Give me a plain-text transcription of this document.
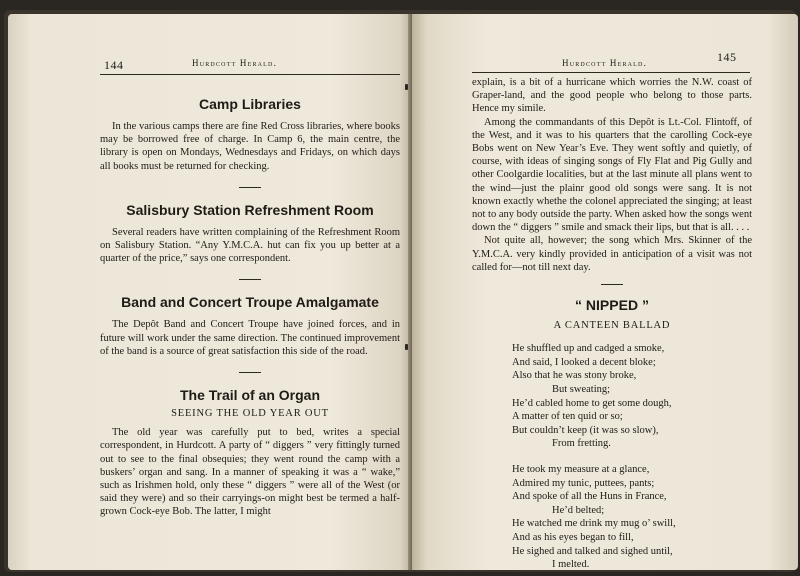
144	Hurdcott Herald.
Camp Libraries

In the various camps there are fine Red Cross libraries, where books may be borrowed free of charge. In Camp 6, the main centre, the library is open on Mondays, Wednesdays and Fridays, on which days all books must be returned for checking.

Salisbury Station Refreshment Room

Several readers have written complaining of the Refreshment Room on Salisbury Station. “Any Y.M.C.A. hut can fix you up better at a quarter of the price,” says one correspondent.

Band and Concert Troupe Amalgamate

The Depôt Band and Concert Troupe have joined forces, and in future will work under the same direction. The continued improvement of the band is a source of great satisfaction this side of the road.

The Trail of an Organ
SEEING THE OLD YEAR OUT

The old year was carefully put to bed, writes a special correspondent, in Hurdcott. A party of “ diggers ” very fittingly turned out to see to the final obsequies; they went round the camp with a buskers’ organ and sang. In a manner of speaking it was a “ wake,” such as Irishmen hold, only these “ diggers ” were all of the West (or said they were) and so their carryings-on might best be termed a half-grown Cock-eye Bob. The latter, I might

Hurdcott Herald.	145

explain, is a bit of a hurricane which worries the N.W. coast of Graper-land, and the good people who belong to those parts. Hence my simile.

Among the commandants of this Depôt is Lt.-Col. Flintoff, of the West, and it was to his quarters that the carolling Cock-eye Bobs went on New Year’s Eve. They went softly and quietly, of course, with ideas of singing songs of Fly Flat and Pig Gully and other Coolgardie localities, but at the last minute all plans went to the wind—just the plainr good old songs were sang. It is not known exactly whethe the colonel appreciated the singing; at least not to any body outside the party. When asked how the songs went down the “ diggers ” smile and smack their lips, but that is all. . . .

Not quite all, however; the song which Mrs. Skinner of the Y.M.C.A. very kindly provided in anticipation of a visit was not called for—not till next day.

“ NIPPED ”
A CANTEEN BALLAD
He shuffled up and cadged a smoke,
And said, I looked a decent bloke;
Also that he was stony broke,
But sweating;
He’d cabled home to get some dough,
A matter of ten quid or so;
But couldn’t keep (it was so slow),
From fretting.
He took my measure at a glance,
Admired my tunic, puttees, pants;
And spoke of all the Huns in France,
He’d belted;
He watched me drink my mug o’ swill,
And as his eyes began to fill,
He sighed and talked and sighed until,
I melted.
